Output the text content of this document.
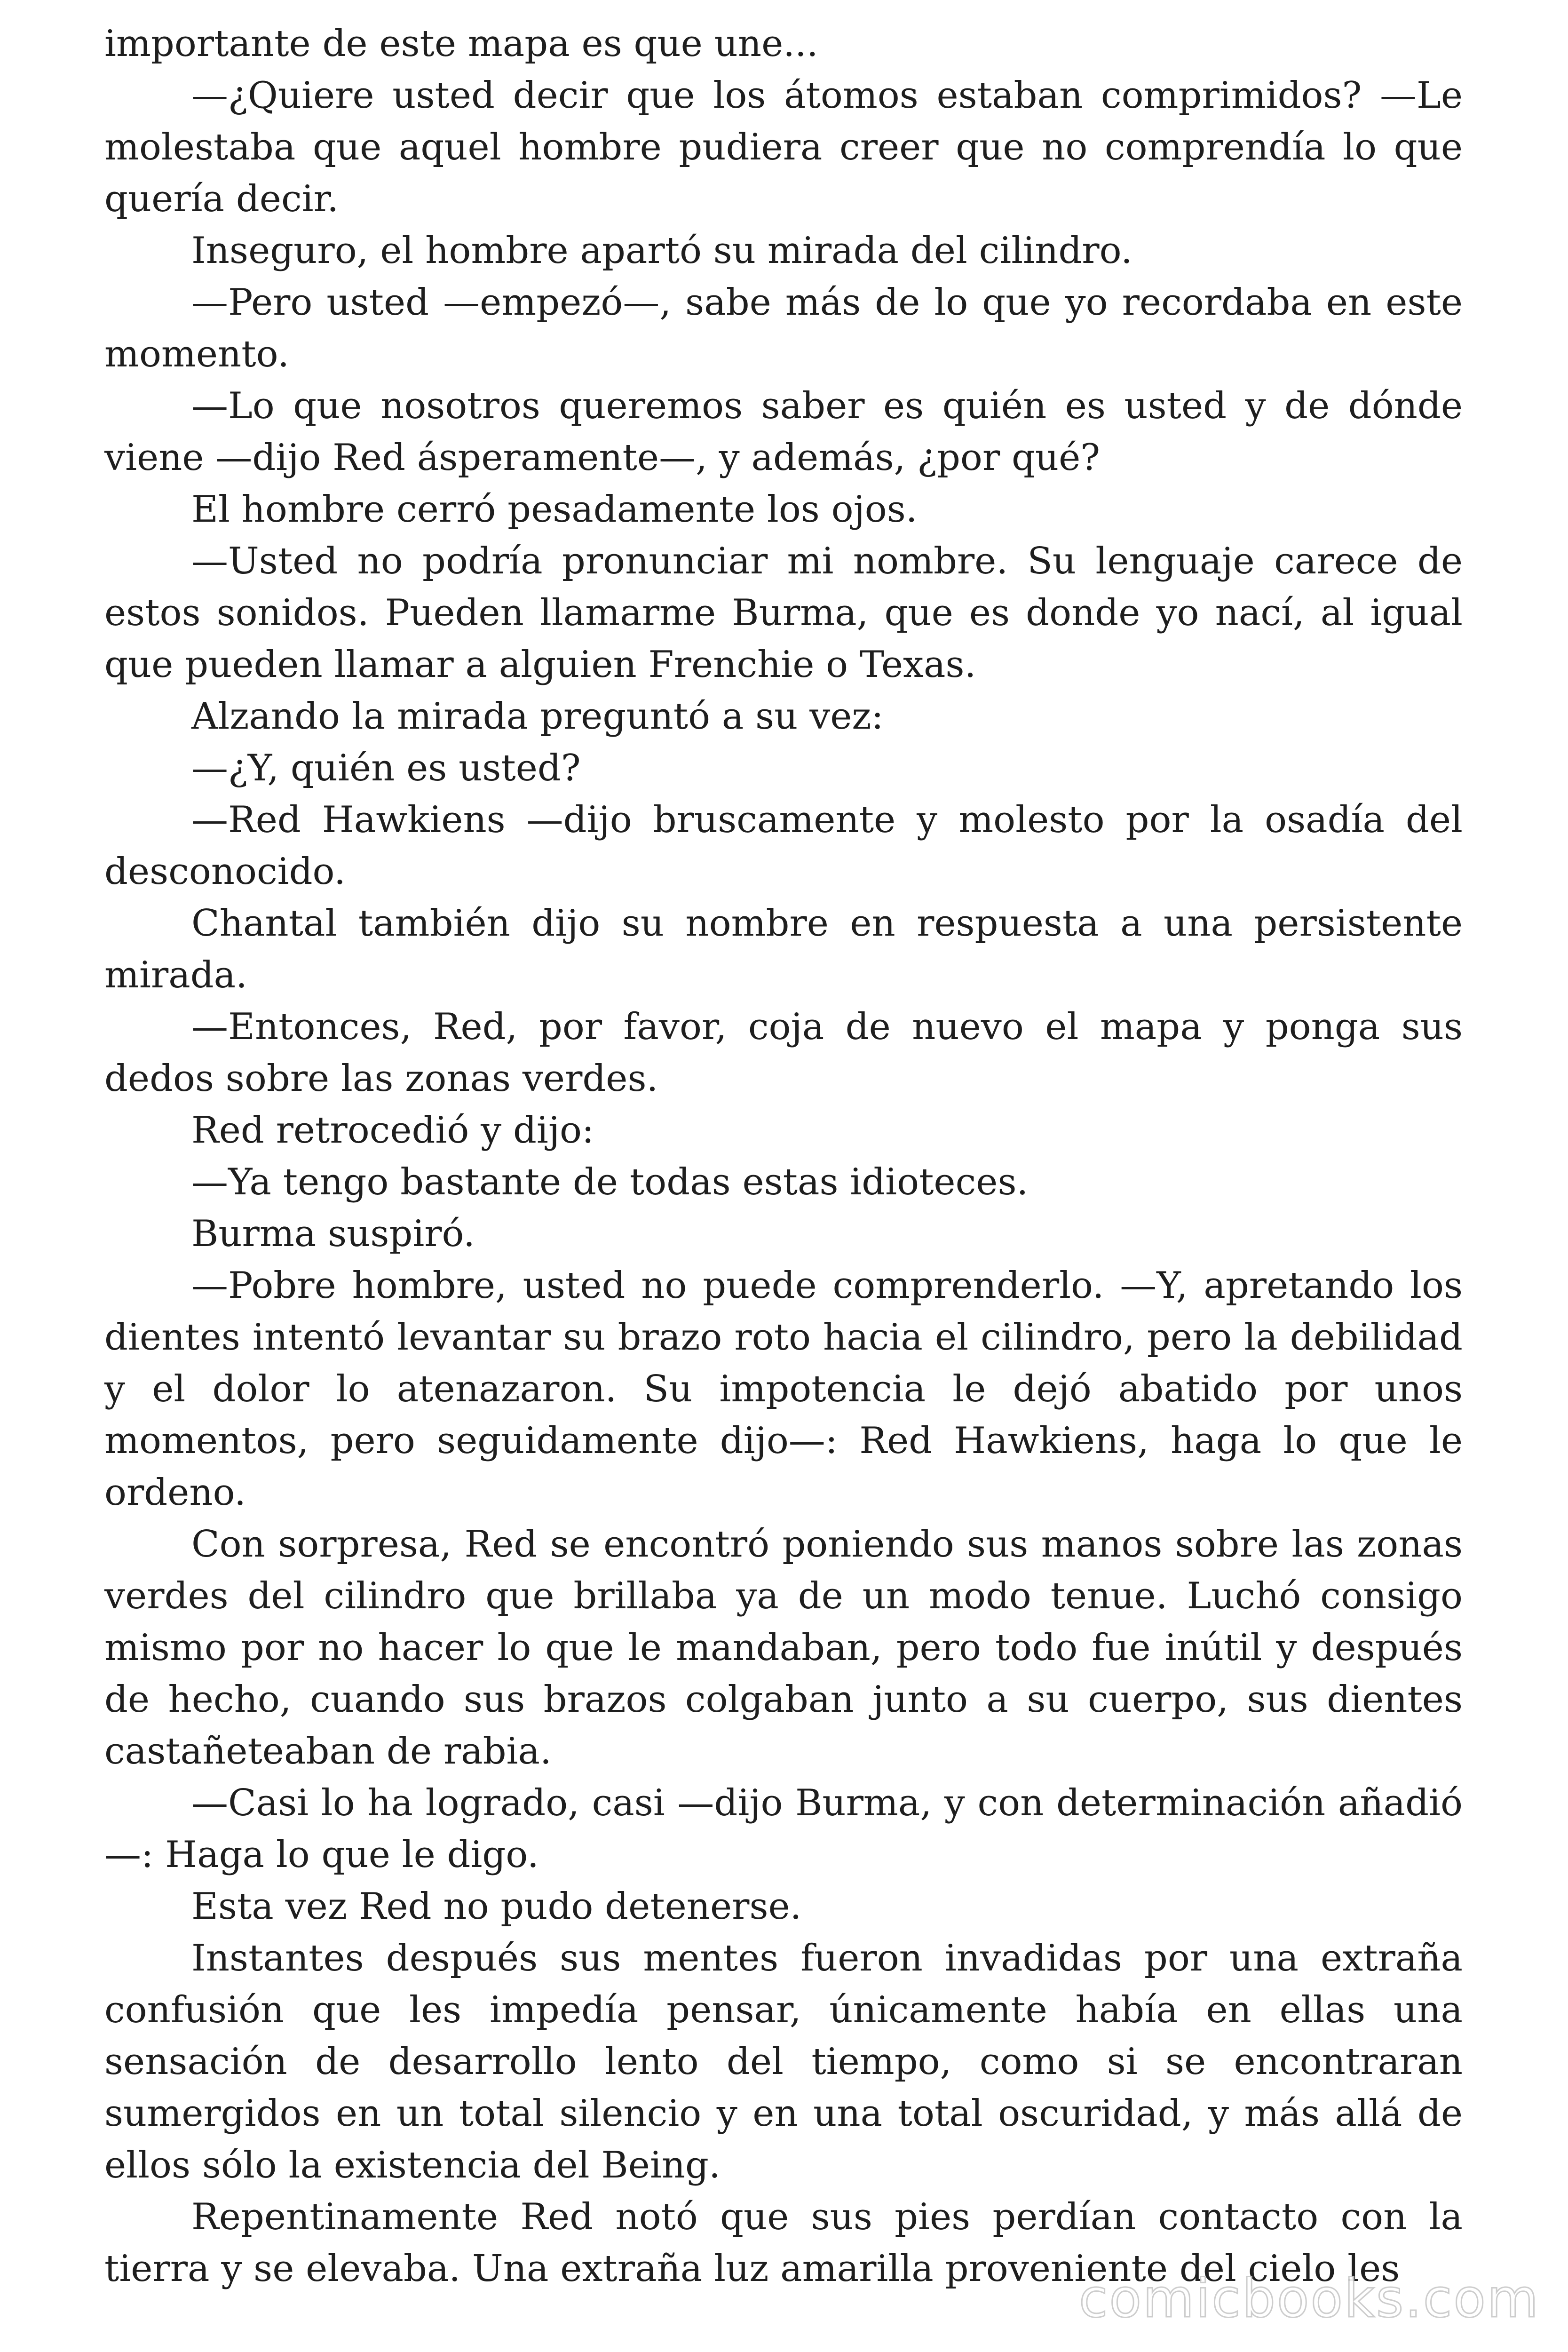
importante de este mapa es que une...

—¿Quiere usted decir que los átomos estaban comprimidos? —Le molestaba que aquel hombre pudiera creer que no comprendía lo que quería decir.

Inseguro, el hombre apartó su mirada del cilindro.

—Pero usted —empezó—, sabe más de lo que yo recordaba en este momento.

—Lo que nosotros queremos saber es quién es usted y de dónde viene —dijo Red ásperamente—, y además, ¿por qué?

El hombre cerró pesadamente los ojos.

—Usted no podría pronunciar mi nombre. Su lenguaje carece de estos sonidos. Pueden llamarme Burma, que es donde yo nací, al igual que pueden llamar a alguien Frenchie o Texas.

Alzando la mirada preguntó a su vez:

—¿Y, quién es usted?

—Red Hawkiens —dijo bruscamente y molesto por la osadía del desconocido.

Chantal también dijo su nombre en respuesta a una persistente mirada.

—Entonces, Red, por favor, coja de nuevo el mapa y ponga sus dedos sobre las zonas verdes.

Red retrocedió y dijo:

—Ya tengo bastante de todas estas idioteces.

Burma suspiró.

—Pobre hombre, usted no puede comprenderlo. —Y, apretando los dientes intentó levantar su brazo roto hacia el cilindro, pero la debilidad y el dolor lo atenazaron. Su impotencia le dejó abatido por unos momentos, pero seguidamente dijo—: Red Hawkiens, haga lo que le ordeno.

Con sorpresa, Red se encontró poniendo sus manos sobre las zonas verdes del cilindro que brillaba ya de un modo tenue. Luchó consigo mismo por no hacer lo que le mandaban, pero todo fue inútil y después de hecho, cuando sus brazos colgaban junto a su cuerpo, sus dientes castañeteaban de rabia.

—Casi lo ha logrado, casi —dijo Burma, y con determinación añadió—: Haga lo que le digo.

Esta vez Red no pudo detenerse.

Instantes después sus mentes fueron invadidas por una extraña confusión que les impedía pensar, únicamente había en ellas una sensación de desarrollo lento del tiempo, como si se encontraran sumergidos en un total silencio y en una total oscuridad, y más allá de ellos sólo la existencia del Being.

Repentinamente Red notó que sus pies perdían contacto con la tierra y se elevaba. Una extraña luz amarilla proveniente del cielo les

comicbooks.com
